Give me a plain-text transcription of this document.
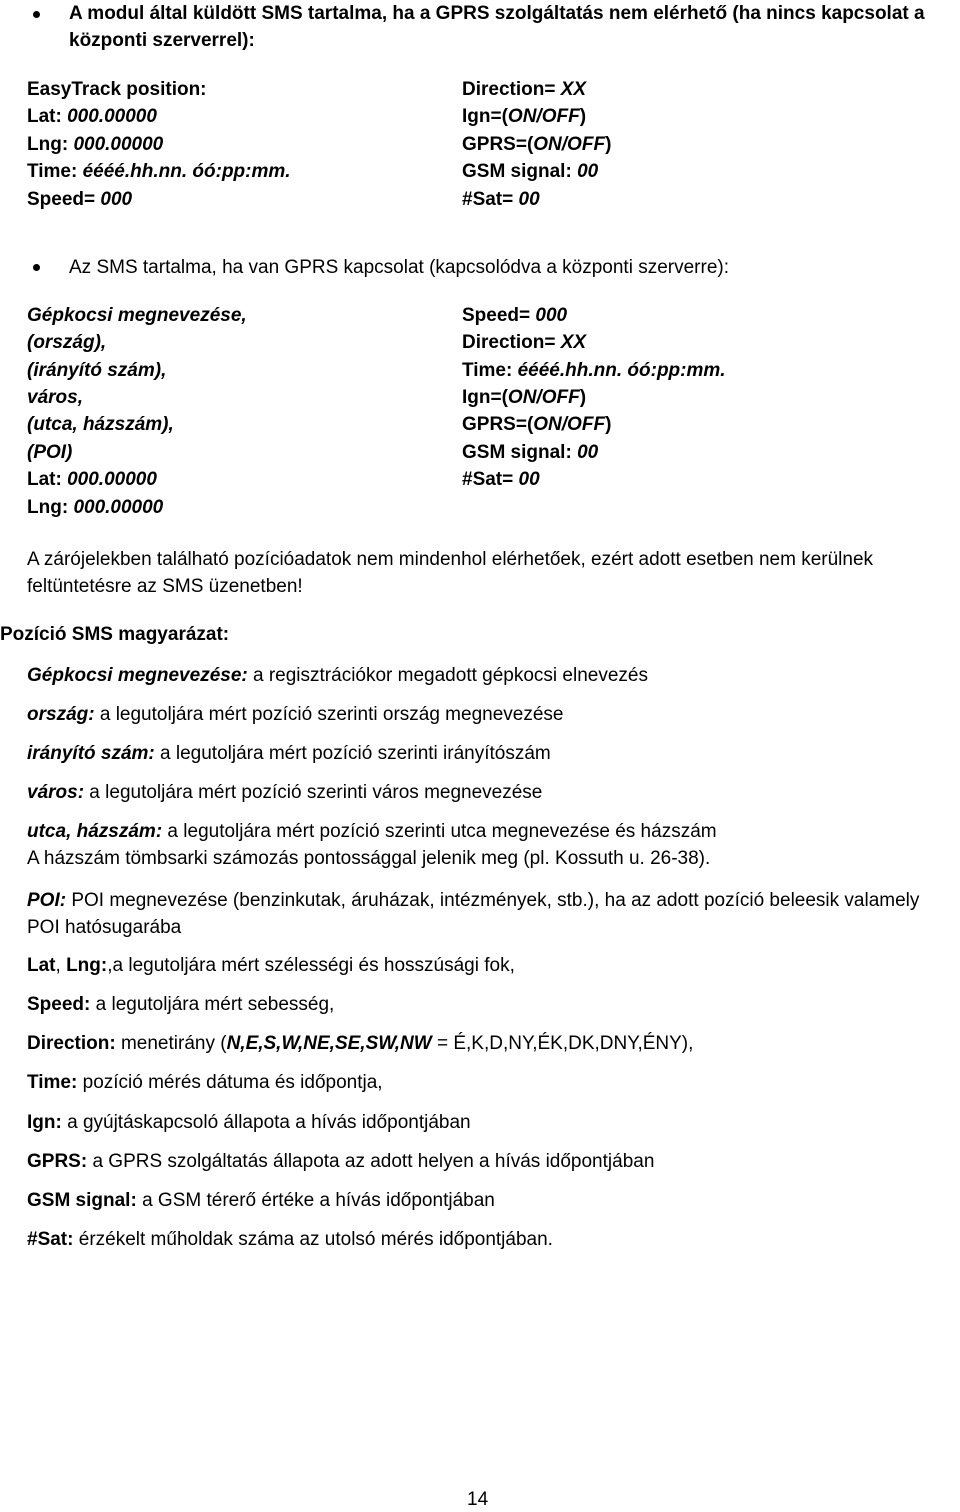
A modul által küldött SMS tartalma, ha a GPRS szolgáltatás nem elérhető (ha nincs kapcsolat a központi szerverrel):
EasyTrack position:
Lat: 000.00000
Lng: 000.00000
Time: éééé.hh.nn. óó:pp:mm.
Speed= 000
Direction= XX
Ign=(ON/OFF)
GPRS=(ON/OFF)
GSM signal: 00
#Sat= 00
Az SMS tartalma, ha van GPRS kapcsolat (kapcsolódva a központi szerverre):
Gépkocsi megnevezése,
(ország),
(irányító szám),
város,
(utca, házszám),
(POI)
Lat: 000.00000
Lng: 000.00000
Speed= 000
Direction= XX
Time: éééé.hh.nn. óó:pp:mm.
Ign=(ON/OFF)
GPRS=(ON/OFF)
GSM signal: 00
#Sat= 00
A zárójelekben található pozícióadatok nem mindenhol elérhetőek, ezért adott esetben nem kerülnek feltüntetésre az SMS üzenetben!
Pozíció SMS magyarázat:
Gépkocsi megnevezése: a regisztrációkor megadott gépkocsi elnevezés
ország: a legutoljára mért pozíció szerinti ország megnevezése
irányító szám: a legutoljára mért pozíció szerinti irányítószám
város: a legutoljára mért pozíció szerinti város megnevezése
utca, házszám: a legutoljára mért pozíció szerinti utca megnevezése és házszám
A házszám tömbsarki számozás pontossággal jelenik meg (pl. Kossuth u. 26-38).
POI: POI megnevezése (benzinkutak, áruházak, intézmények, stb.), ha az adott pozíció beleesik valamely POI hatósugarába
Lat, Lng:,a legutoljára mért szélességi és hosszúsági fok,
Speed: a legutoljára mért sebesség,
Direction: menetirány (N,E,S,W,NE,SE,SW,NW = É,K,D,NY,ÉK,DK,DNY,ÉNY),
Time: pozíció mérés dátuma és időpontja,
Ign: a gyújtáskapcsoló állapota a hívás időpontjában
GPRS: a GPRS szolgáltatás állapota az adott helyen a hívás időpontjában
GSM signal: a GSM térerő értéke a hívás időpontjában
#Sat: érzékelt műholdak száma az utolsó mérés időpontjában.
14
